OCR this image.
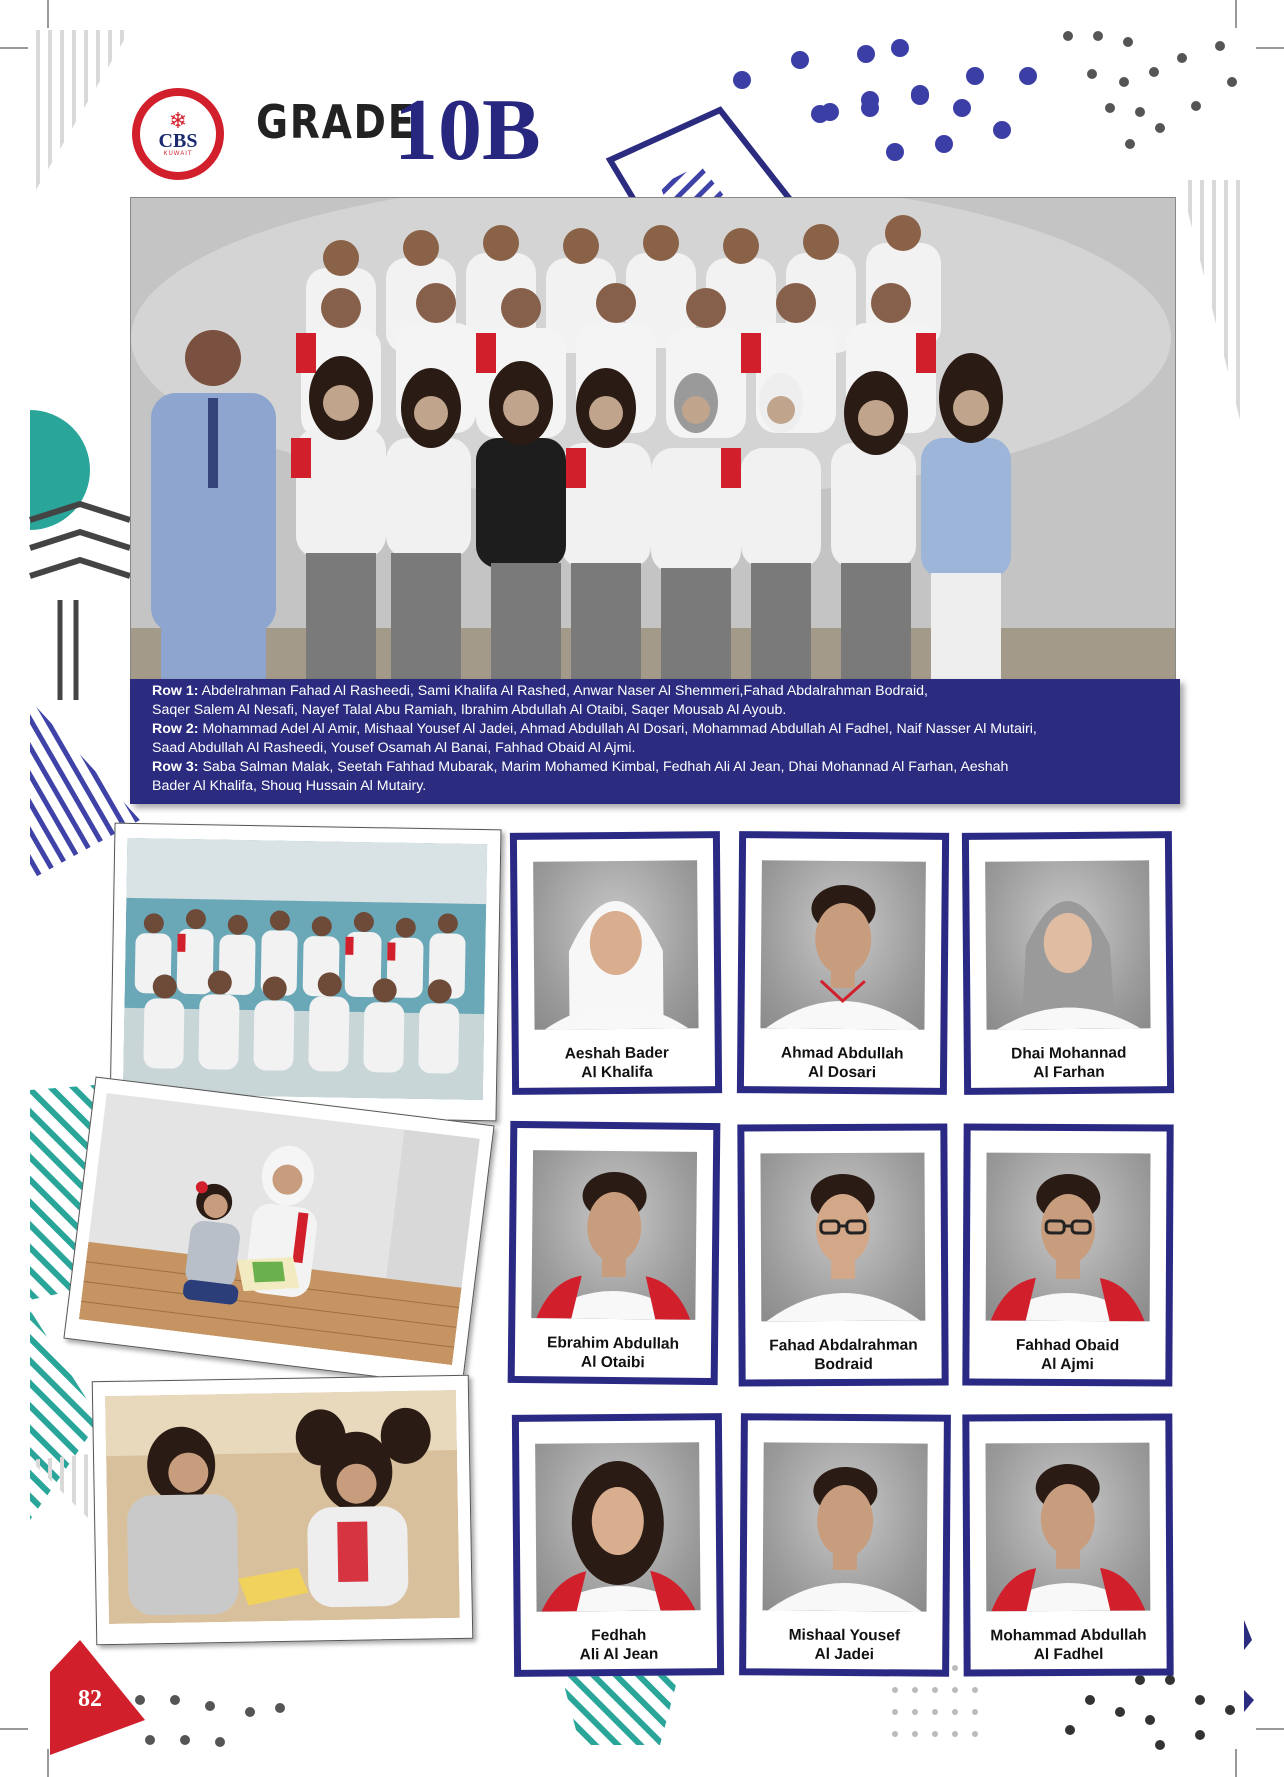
❄
CBS
KUWAIT
GRADE
10B
Row 1: Abdelrahman Fahad Al Rasheedi, Sami Khalifa Al Rashed, Anwar Naser Al Shemmeri,Fahad Abdalrahman Bodraid,
Saqer Salem Al Nesafi, Nayef Talal Abu Ramiah, Ibrahim Abdullah Al Otaibi, Saqer Mousab Al Ayoub.
Row 2: Mohammad Adel Al Amir, Mishaal Yousef Al Jadei, Ahmad Abdullah Al Dosari, Mohammad Abdullah Al Fadhel, Naif Nasser Al Mutairi,
Saad Abdullah Al Rasheedi, Yousef Osamah Al Banai, Fahhad Obaid Al Ajmi.
Row 3: Saba Salman Malak, Seetah Fahhad Mubarak, Marim Mohamed Kimbal, Fedhah Ali Al Jean, Dhai Mohannad Al Farhan, Aeshah
Bader Al Khalifa, Shouq Hussain Al Mutairy.
Aeshah Bader
Al Khalifa
Ahmad Abdullah
Al Dosari
Dhai Mohannad
Al Farhan
Ebrahim Abdullah
Al Otaibi
Fahad Abdalrahman
Bodraid
Fahhad Obaid
Al Ajmi
Fedhah
Ali Al Jean
Mishaal Yousef
Al Jadei
Mohammad Abdullah
Al Fadhel
82
